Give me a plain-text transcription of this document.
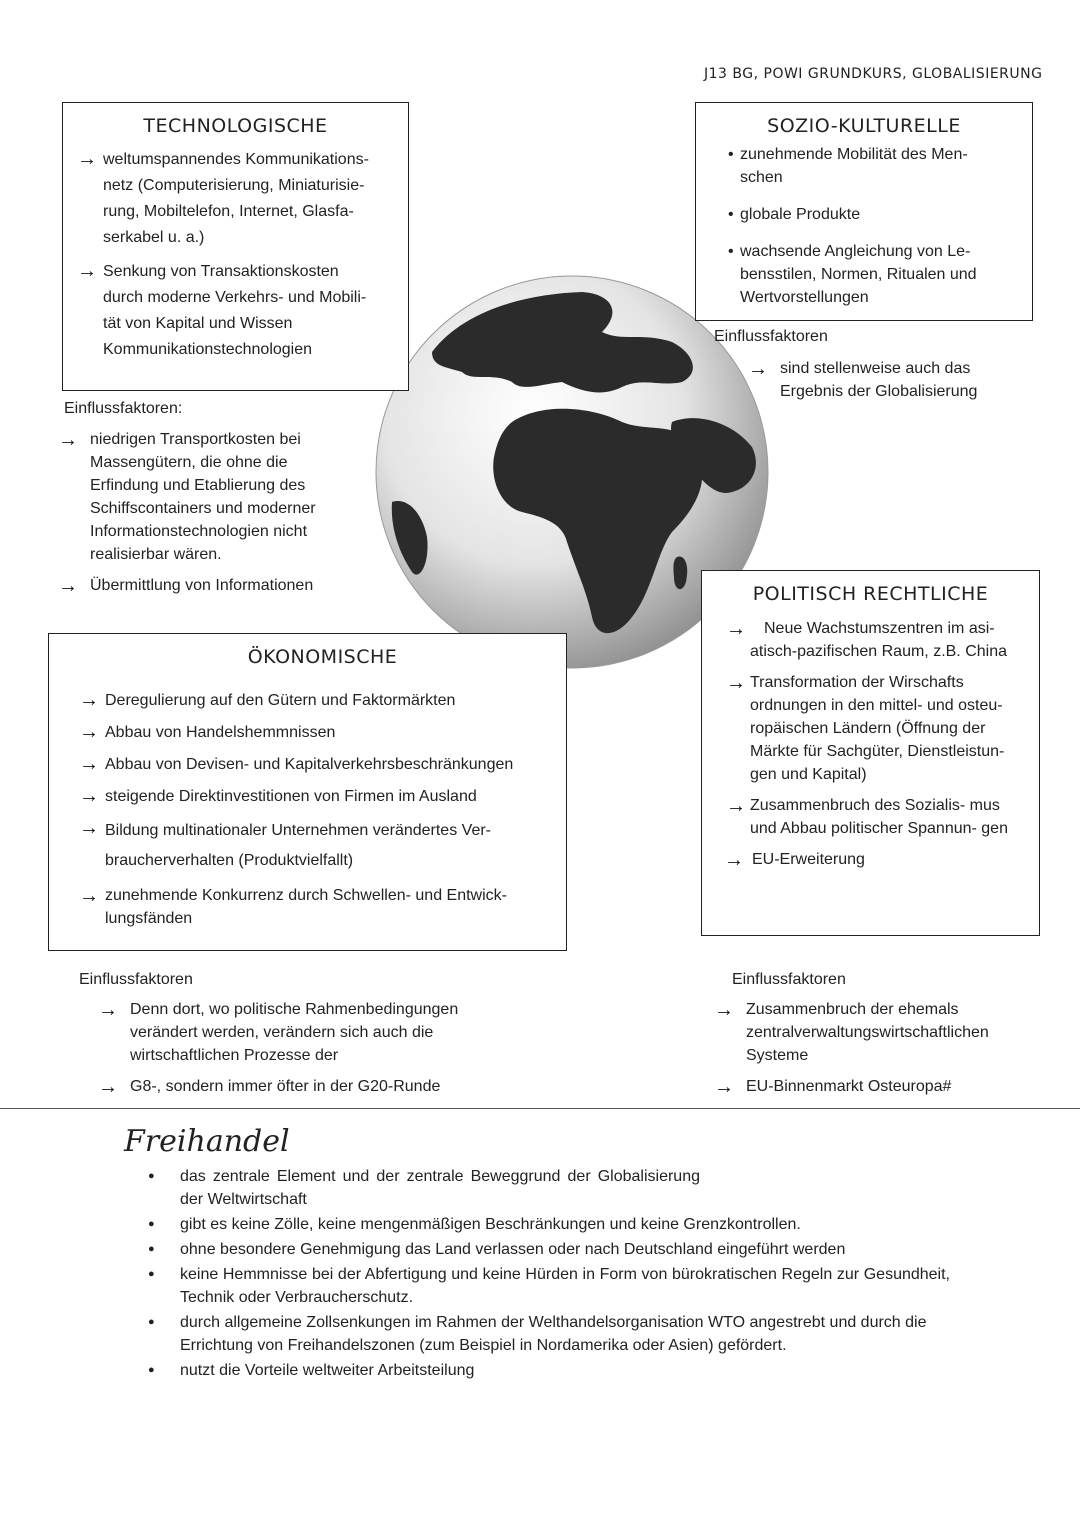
J13 BG, POWI GRUNDKURS, GLOBALISIERUNG
TECHNOLOGISCHE
→ weltumspannendes Kommunikations- netz (Computerisierung, Miniaturisie- rung, Mobiltelefon, Internet, Glasfa- serkabel u. a.)
→ Senkung von Transaktionskosten durch moderne Verkehrs- und Mobili- tät von Kapital und Wissen Kommunikationstechnologien
Einflussfaktoren:
→ niedrigen Transportkosten bei Massengütern, die ohne die Erfindung und Etablierung des Schiffscontainers und moderner Informationstechnologien nicht realisierbar wären.
→ Übermittlung von Informationen
SOZIO-KULTURELLE
• zunehmende Mobilität des Men- schen
• globale Produkte
• wachsende Angleichung von Le- bensstilen, Normen, Ritualen und Wertvorstellungen
Einflussfaktoren
→ sind stellenweise auch das Ergebnis der Globalisierung
ÖKONOMISCHE
→ Deregulierung auf den Gütern und Faktormärkten
→ Abbau von Handelshemmnissen
→ Abbau von Devisen- und Kapitalverkehrsbeschränkungen
→ steigende Direktinvestitionen von Firmen im Ausland
→ Bildung multinationaler Unternehmen verändertes Ver- braucherverhalten (Produktvielfallt)
→ zunehmende Konkurrenz durch Schwellen- und Entwick- lungsfänden
Einflussfaktoren
→ Denn dort, wo politische Rahmenbedingungen verändert werden, verändern sich auch die wirtschaftlichen Prozesse der
→ G8-, sondern immer öfter in der G20-Runde
POLITISCH RECHTLICHE
→	Neue Wachstumszentren im asi- atisch-pazifischen Raum, z.B. China
→ Transformation der Wirschafts ordnungen in den mittel- und osteu- ropäischen Ländern (Öffnung der Märkte für Sachgüter, Dienstleistun- gen und Kapital)
→ Zusammenbruch des Sozialis- mus und Abbau politischer Spannun- gen
→ EU-Erweiterung
Einflussfaktoren
→ Zusammenbruch der ehemals zentralverwaltungswirtschaftlichen Systeme
→ EU-Binnenmarkt Osteuropa#
Freihandel
● das zentrale Element und der zentrale Beweggrund der Globalisierung der Weltwirtschaft
● gibt es keine Zölle, keine mengenmäßigen Beschränkungen und keine Grenzkontrollen.
● ohne besondere Genehmigung das Land verlassen oder nach Deutschland eingeführt werden
● keine Hemmnisse bei der Abfertigung und keine Hürden in Form von bürokratischen Regeln zur Gesundheit, Technik oder Verbraucherschutz.
● durch allgemeine Zollsenkungen im Rahmen der Welthandelsorganisation WTO angestrebt und durch die Errichtung von Freihandelszonen (zum Beispiel in Nordamerika oder Asien) gefördert.
● nutzt die Vorteile weltweiter Arbeitsteilung
